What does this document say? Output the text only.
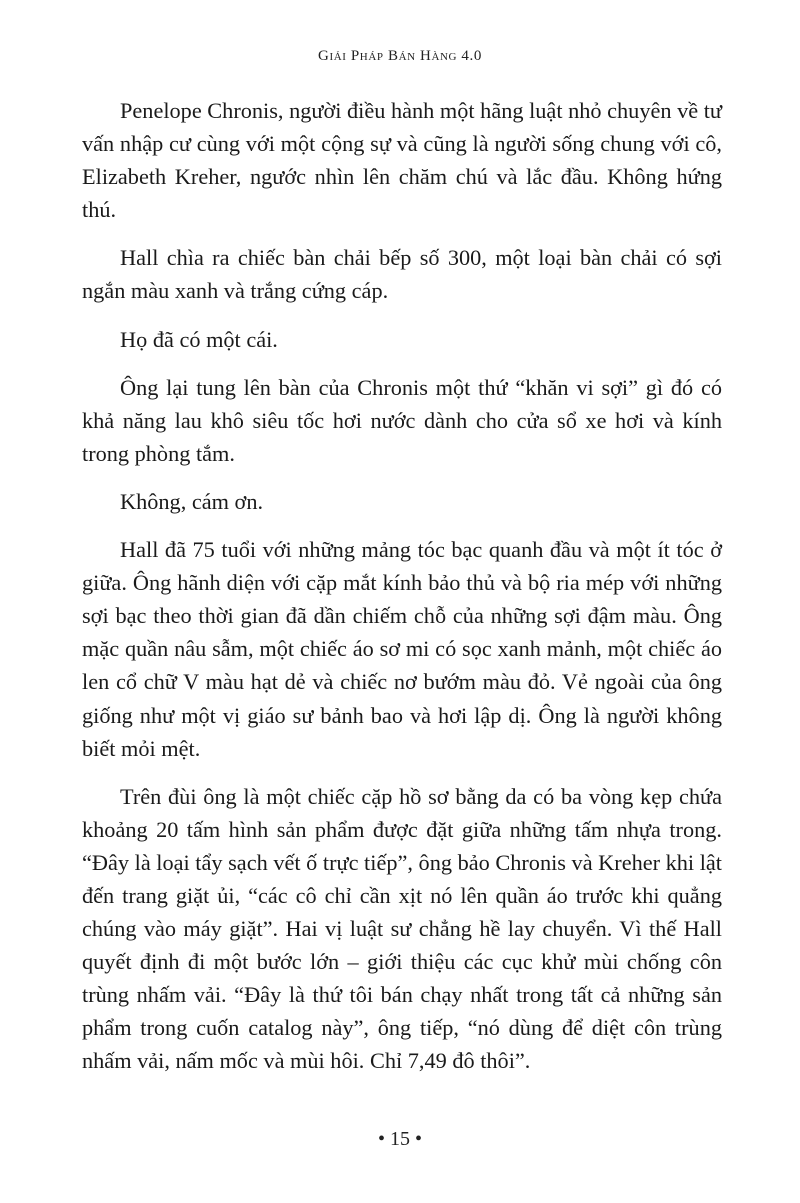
Giải Pháp Bán Hàng 4.0

Penelope Chronis, người điều hành một hãng luật nhỏ chuyên về tư vấn nhập cư cùng với một cộng sự và cũng là người sống chung với cô, Elizabeth Kreher, ngước nhìn lên chăm chú và lắc đầu. Không hứng thú.

Hall chìa ra chiếc bàn chải bếp số 300, một loại bàn chải có sợi ngắn màu xanh và trắng cứng cáp.

Họ đã có một cái.

Ông lại tung lên bàn của Chronis một thứ “khăn vi sợi” gì đó có khả năng lau khô siêu tốc hơi nước dành cho cửa sổ xe hơi và kính trong phòng tắm.

Không, cám ơn.

Hall đã 75 tuổi với những mảng tóc bạc quanh đầu và một ít tóc ở giữa. Ông hãnh diện với cặp mắt kính bảo thủ và bộ ria mép với những sợi bạc theo thời gian đã dần chiếm chỗ của những sợi đậm màu. Ông mặc quần nâu sẫm, một chiếc áo sơ mi có sọc xanh mảnh, một chiếc áo len cổ chữ V màu hạt dẻ và chiếc nơ bướm màu đỏ. Vẻ ngoài của ông giống như một vị giáo sư bảnh bao và hơi lập dị. Ông là người không biết mỏi mệt.

Trên đùi ông là một chiếc cặp hồ sơ bằng da có ba vòng kẹp chứa khoảng 20 tấm hình sản phẩm được đặt giữa những tấm nhựa trong. “Đây là loại tẩy sạch vết ố trực tiếp”, ông bảo Chronis và Kreher khi lật đến trang giặt ủi, “các cô chỉ cần xịt nó lên quần áo trước khi quẳng chúng vào máy giặt”. Hai vị luật sư chẳng hề lay chuyển. Vì thế Hall quyết định đi một bước lớn – giới thiệu các cục khử mùi chống côn trùng nhấm vải. “Đây là thứ tôi bán chạy nhất trong tất cả những sản phẩm trong cuốn catalog này”, ông tiếp, “nó dùng để diệt côn trùng nhấm vải, nấm mốc và mùi hôi. Chỉ 7,49 đô thôi”.

• 15 •
